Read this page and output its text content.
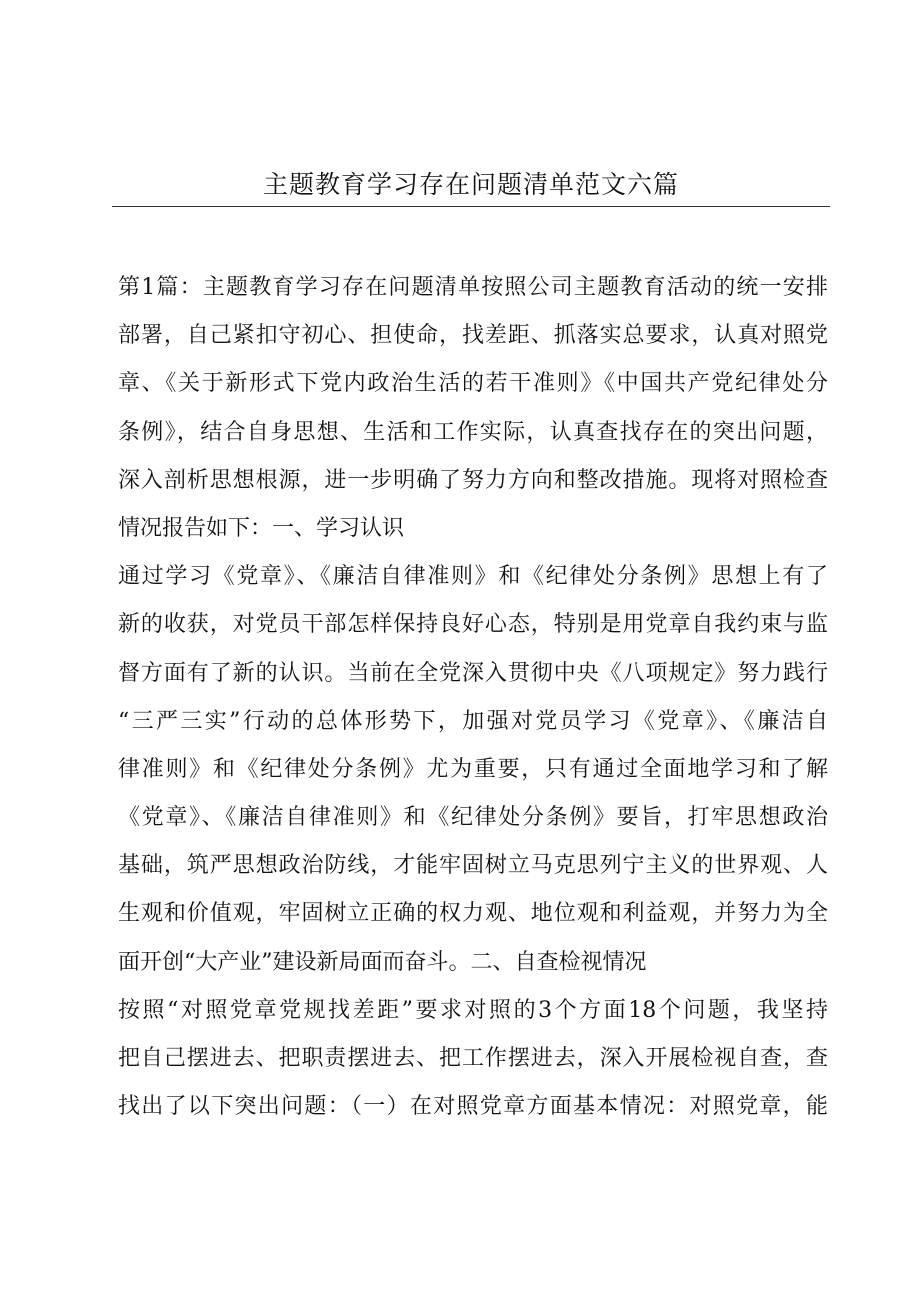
主题教育学习存在问题清单范文六篇
第1篇：主题教育学习存在问题清单按照公司主题教育活动的统一安排
部署，自己紧扣守初心、担使命，找差距、抓落实总要求，认真对照党
章、《关于新形式下党内政治生活的若干准则》《中国共产党纪律处分
条例》，结合自身思想、生活和工作实际，认真查找存在的突出问题，
深入剖析思想根源，进一步明确了努力方向和整改措施。现将对照检查
情况报告如下：一、学习认识
通过学习《党章》、《廉洁自律准则》和《纪律处分条例》思想上有了
新的收获，对党员干部怎样保持良好心态，特别是用党章自我约束与监
督方面有了新的认识。当前在全党深入贯彻中央《八项规定》努力践行
“三严三实”行动的总体形势下，加强对党员学习《党章》、《廉洁自
律准则》和《纪律处分条例》尤为重要，只有通过全面地学习和了解
《党章》、《廉洁自律准则》和《纪律处分条例》要旨，打牢思想政治
基础，筑严思想政治防线，才能牢固树立马克思列宁主义的世界观、人
生观和价值观，牢固树立正确的权力观、地位观和利益观，并努力为全
面开创“大产业”建设新局面而奋斗。二、自查检视情况
按照“对照党章党规找差距”要求对照的3个方面18个问题，我坚持
把自己摆进去、把职责摆进去、把工作摆进去，深入开展检视自查，查
找出了以下突出问题：（一）在对照党章方面基本情况：对照党章，能
